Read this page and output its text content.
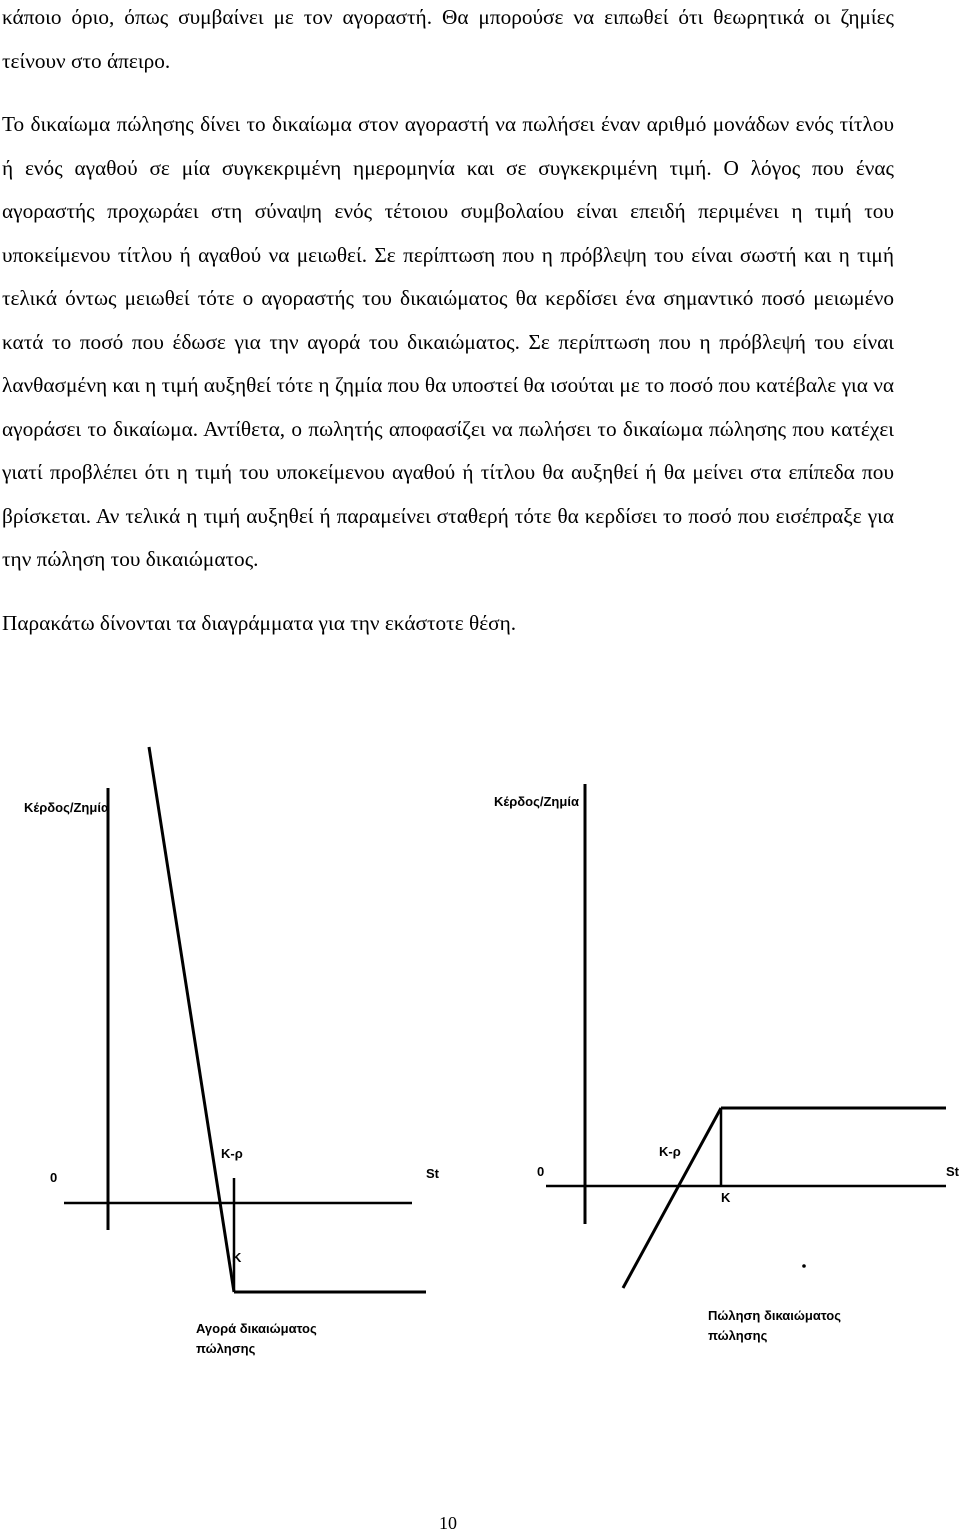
κάποιο όριο, όπως συμβαίνει με τον αγοραστή. Θα μπορούσε να ειπωθεί ότι θεωρητικά οι ζημίες τείνουν στο άπειρο.

Το δικαίωμα πώλησης δίνει το δικαίωμα στον αγοραστή να πωλήσει έναν αριθμό μονάδων ενός τίτλου ή ενός αγαθού σε μία συγκεκριμένη ημερομηνία και σε συγκεκριμένη τιμή. Ο λόγος που ένας αγοραστής προχωράει στη σύναψη ενός τέτοιου συμβολαίου είναι επειδή περιμένει η τιμή του υποκείμενου τίτλου ή αγαθού να μειωθεί. Σε περίπτωση που η πρόβλεψη του είναι σωστή και η τιμή τελικά όντως μειωθεί τότε ο αγοραστής του δικαιώματος θα κερδίσει ένα σημαντικό ποσό μειωμένο κατά το ποσό που έδωσε για την αγορά του δικαιώματος. Σε περίπτωση που η πρόβλεψή του είναι λανθασμένη και η τιμή αυξηθεί τότε η ζημία που θα υποστεί θα ισούται με το ποσό που κατέβαλε για να αγοράσει το δικαίωμα. Αντίθετα, ο πωλητής αποφασίζει να πωλήσει το δικαίωμα πώλησης που κατέχει γιατί προβλέπει ότι η τιμή του υποκείμενου αγαθού ή τίτλου θα αυξηθεί ή θα μείνει στα επίπεδα που βρίσκεται. Αν τελικά η τιμή αυξηθεί ή παραμείνει σταθερή τότε θα κερδίσει το ποσό που εισέπραξε για την πώληση του δικαιώματος.

Παρακάτω δίνονται τα διαγράμματα για την εκάστοτε θέση.

Κέρδος/Ζημία
0	St
Κ-ρ
Κ
Αγορά δικαιώματος
πώλησης
Κέρδος/Ζημία
0	St
Κ-ρ
Κ
Πώληση δικαιώματος
πώλησης
10
